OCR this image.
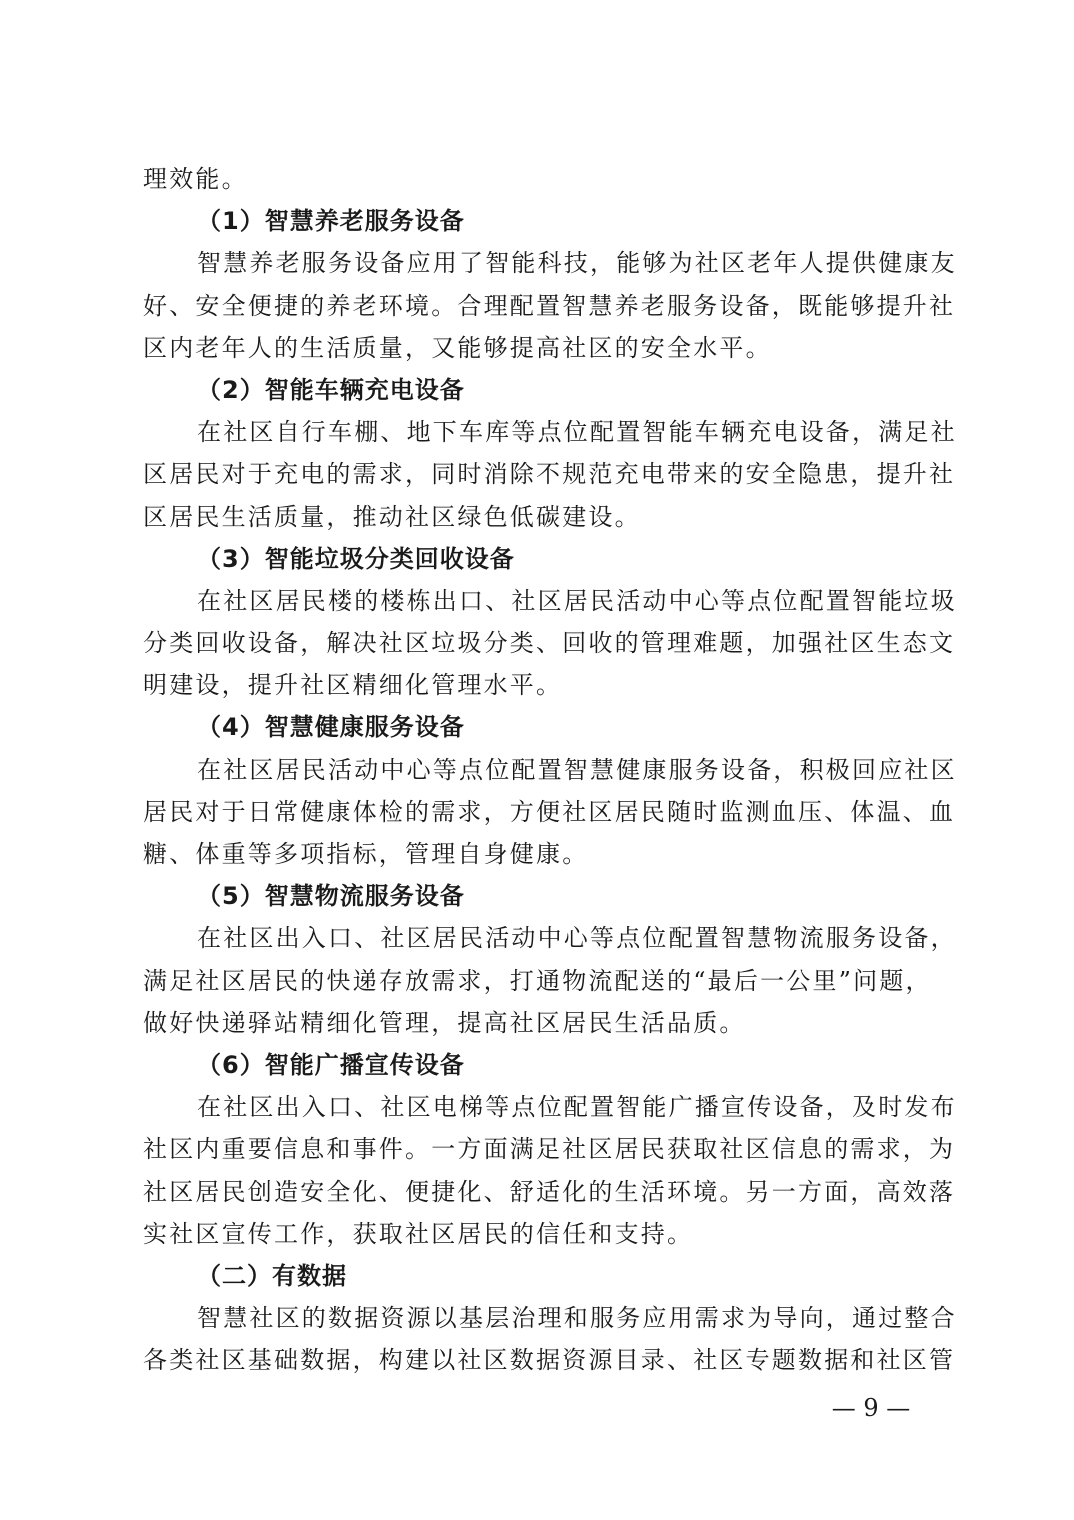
理效能。
（1）智慧养老服务设备
智慧养老服务设备应用了智能科技，能够为社区老年人提供健康友
好、安全便捷的养老环境。合理配置智慧养老服务设备，既能够提升社
区内老年人的生活质量，又能够提高社区的安全水平。
（2）智能车辆充电设备
在社区自行车棚、地下车库等点位配置智能车辆充电设备，满足社
区居民对于充电的需求，同时消除不规范充电带来的安全隐患，提升社
区居民生活质量，推动社区绿色低碳建设。
（3）智能垃圾分类回收设备
在社区居民楼的楼栋出口、社区居民活动中心等点位配置智能垃圾
分类回收设备，解决社区垃圾分类、回收的管理难题，加强社区生态文
明建设，提升社区精细化管理水平。
（4）智慧健康服务设备
在社区居民活动中心等点位配置智慧健康服务设备，积极回应社区
居民对于日常健康体检的需求，方便社区居民随时监测血压、体温、血
糖、体重等多项指标，管理自身健康。
（5）智慧物流服务设备
在社区出入口、社区居民活动中心等点位配置智慧物流服务设备，
满足社区居民的快递存放需求，打通物流配送的“最后一公里”问题，
做好快递驿站精细化管理，提高社区居民生活品质。
（6）智能广播宣传设备
在社区出入口、社区电梯等点位配置智能广播宣传设备，及时发布
社区内重要信息和事件。一方面满足社区居民获取社区信息的需求，为
社区居民创造安全化、便捷化、舒适化的生活环境。另一方面，高效落
实社区宣传工作，获取社区居民的信任和支持。
（二）有数据
智慧社区的数据资源以基层治理和服务应用需求为导向，通过整合
各类社区基础数据，构建以社区数据资源目录、社区专题数据和社区管
— 9 —
